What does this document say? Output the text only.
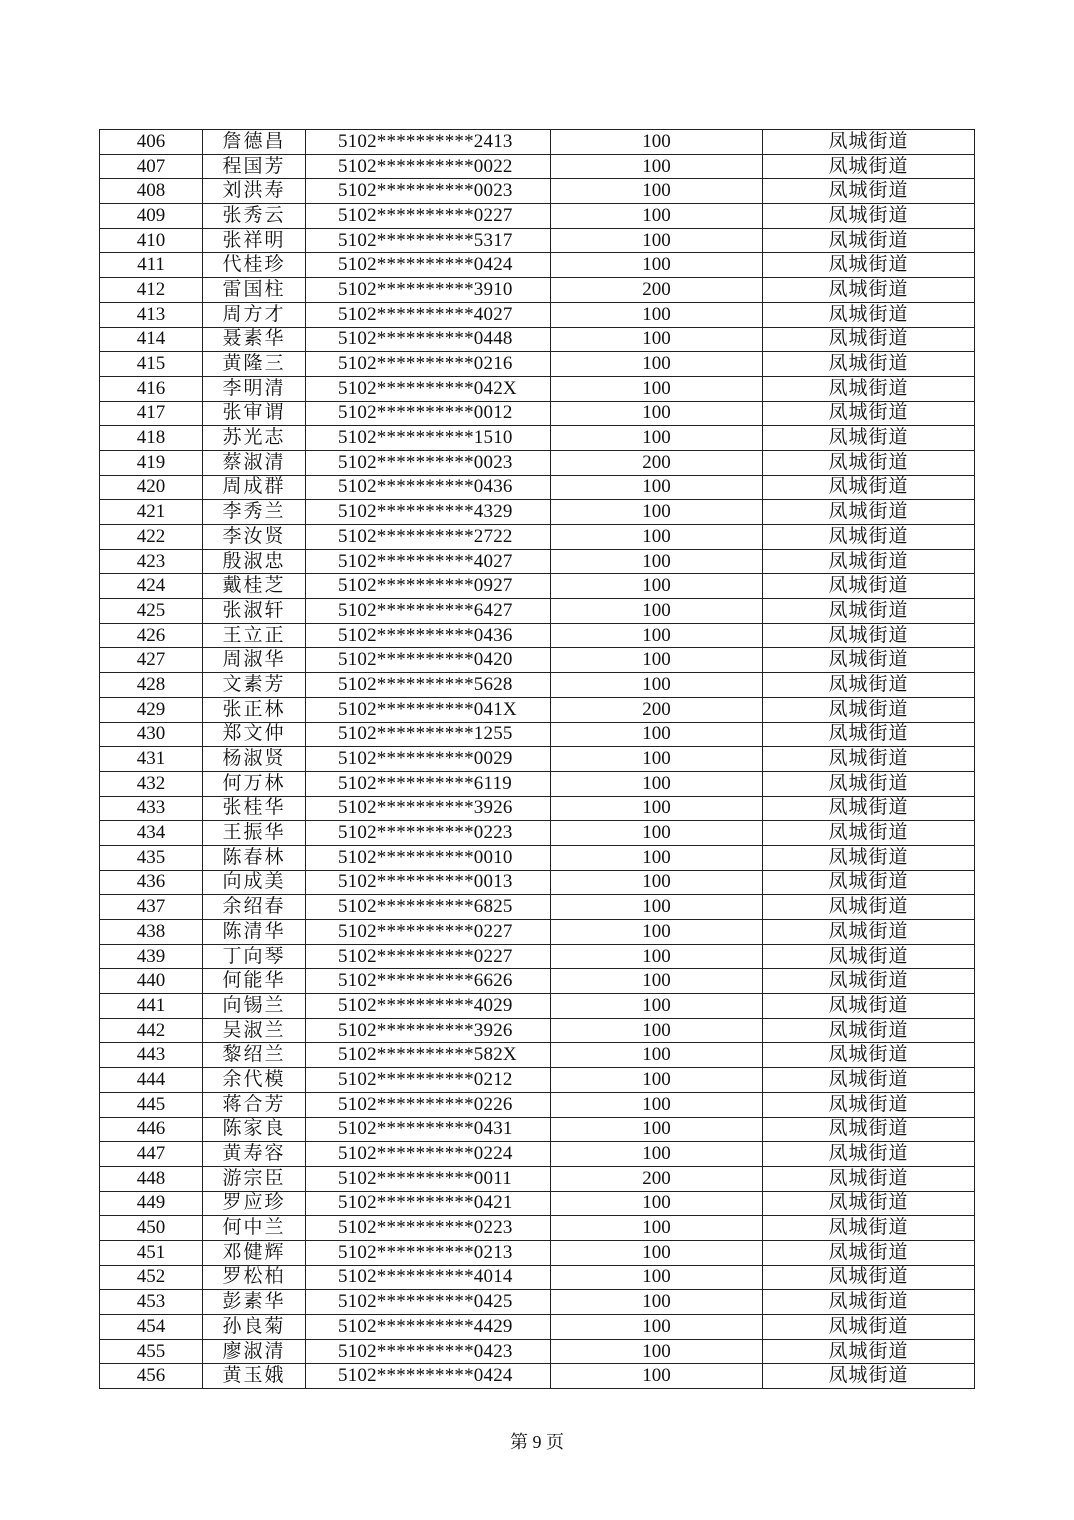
406	詹德昌	5102**********2413	100	凤城街道
407	程国芳	5102**********0022	100	凤城街道
408	刘洪寿	5102**********0023	100	凤城街道
409	张秀云	5102**********0227	100	凤城街道
410	张祥明	5102**********5317	100	凤城街道
411	代桂珍	5102**********0424	100	凤城街道
412	雷国柱	5102**********3910	200	凤城街道
413	周方才	5102**********4027	100	凤城街道
414	聂素华	5102**********0448	100	凤城街道
415	黄隆三	5102**********0216	100	凤城街道
416	李明清	5102**********042X	100	凤城街道
417	张审谓	5102**********0012	100	凤城街道
418	苏光志	5102**********1510	100	凤城街道
419	蔡淑清	5102**********0023	200	凤城街道
420	周成群	5102**********0436	100	凤城街道
421	李秀兰	5102**********4329	100	凤城街道
422	李汝贤	5102**********2722	100	凤城街道
423	殷淑忠	5102**********4027	100	凤城街道
424	戴桂芝	5102**********0927	100	凤城街道
425	张淑轩	5102**********6427	100	凤城街道
426	王立正	5102**********0436	100	凤城街道
427	周淑华	5102**********0420	100	凤城街道
428	文素芳	5102**********5628	100	凤城街道
429	张正林	5102**********041X	200	凤城街道
430	郑文仲	5102**********1255	100	凤城街道
431	杨淑贤	5102**********0029	100	凤城街道
432	何万林	5102**********6119	100	凤城街道
433	张桂华	5102**********3926	100	凤城街道
434	王振华	5102**********0223	100	凤城街道
435	陈春林	5102**********0010	100	凤城街道
436	向成美	5102**********0013	100	凤城街道
437	余绍春	5102**********6825	100	凤城街道
438	陈清华	5102**********0227	100	凤城街道
439	丁向琴	5102**********0227	100	凤城街道
440	何能华	5102**********6626	100	凤城街道
441	向锡兰	5102**********4029	100	凤城街道
442	吴淑兰	5102**********3926	100	凤城街道
443	黎绍兰	5102**********582X	100	凤城街道
444	余代模	5102**********0212	100	凤城街道
445	蒋合芳	5102**********0226	100	凤城街道
446	陈家良	5102**********0431	100	凤城街道
447	黄寿容	5102**********0224	100	凤城街道
448	游宗臣	5102**********0011	200	凤城街道
449	罗应珍	5102**********0421	100	凤城街道
450	何中兰	5102**********0223	100	凤城街道
451	邓健辉	5102**********0213	100	凤城街道
452	罗松柏	5102**********4014	100	凤城街道
453	彭素华	5102**********0425	100	凤城街道
454	孙良菊	5102**********4429	100	凤城街道
455	廖淑清	5102**********0423	100	凤城街道
456	黄玉娥	5102**********0424	100	凤城街道
第 9 页
